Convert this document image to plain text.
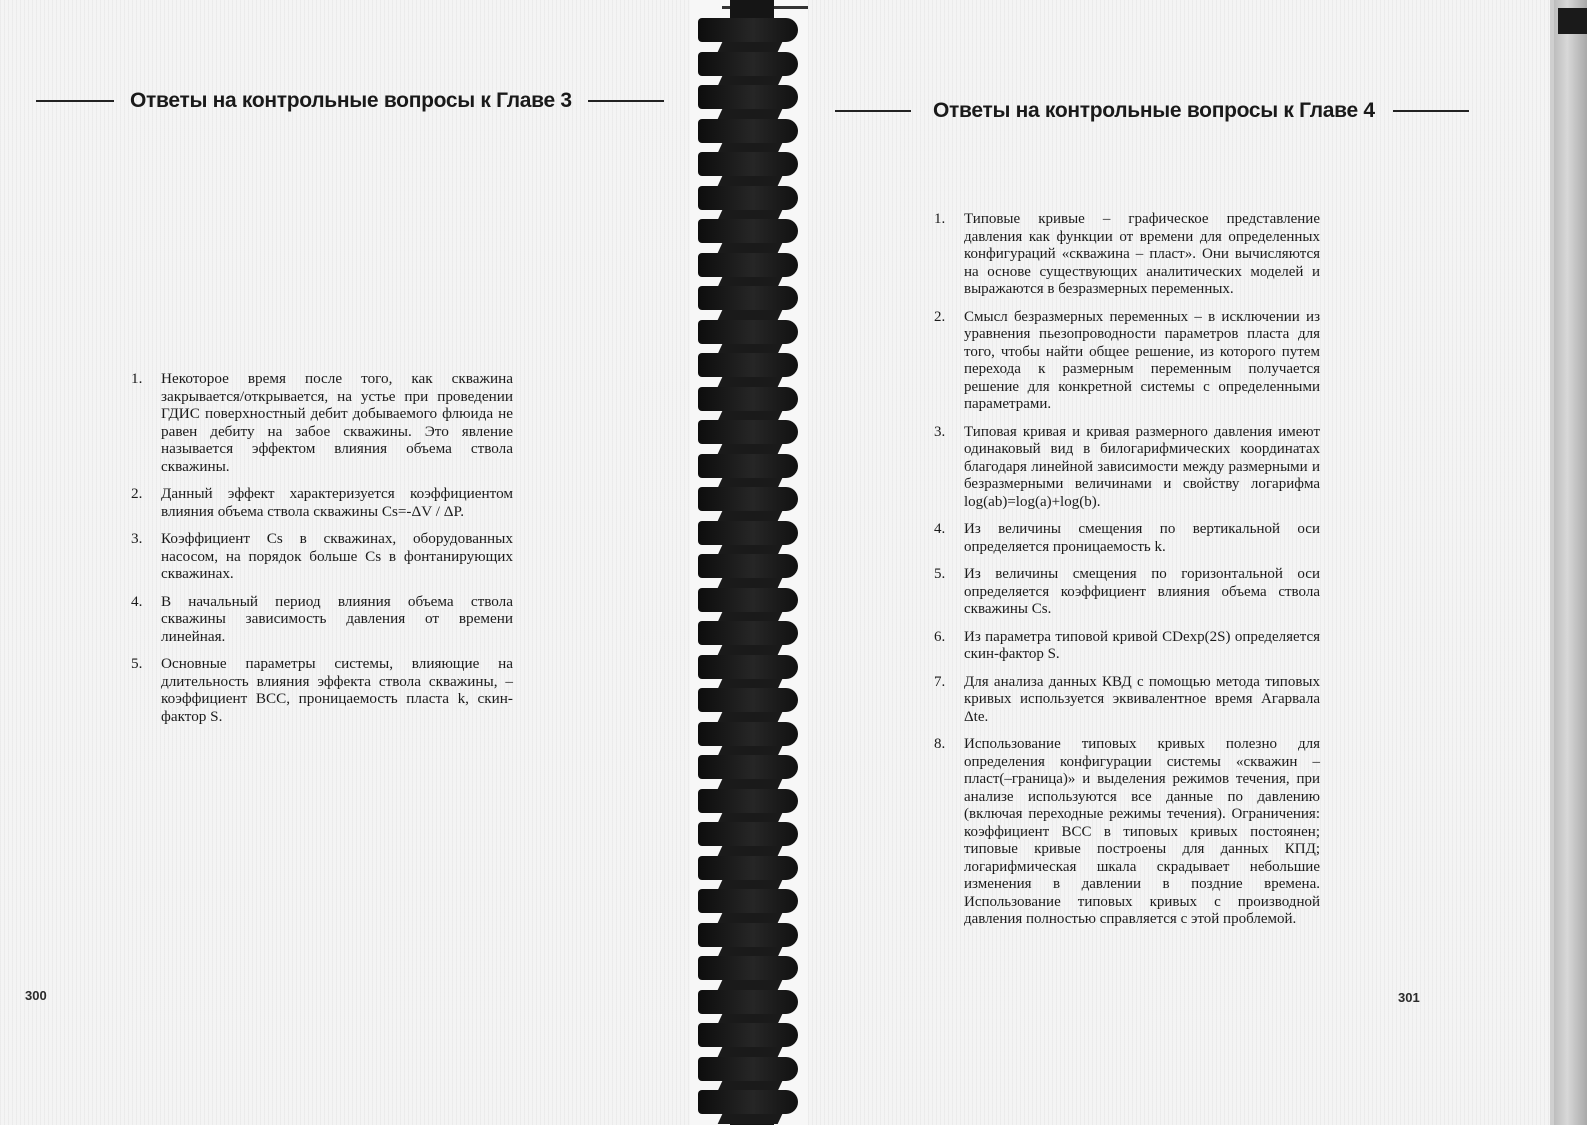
Ответы на контрольные вопросы к Главе 3
1. Некоторое время после того, как скважина закрывается/открывается, на устье при проведении ГДИС поверхностный дебит добываемого флюида не равен дебиту на забое скважины. Это явление называется эффектом влияния объема ствола скважины.
2. Данный эффект характеризуется коэффициентом влияния объема ствола скважины Cs=-ΔV / ΔP.
3. Коэффициент Cs в скважинах, оборудованных насосом, на порядок больше Cs в фонтанирующих скважинах.
4. В начальный период влияния объема ствола скважины зависимость давления от времени линейная.
5. Основные параметры системы, влияющие на длительность влияния эффекта ствола скважины, – коэффициент ВСС, проницаемость пласта k, скин-фактор S.
300
Ответы на контрольные вопросы к Главе 4
1. Типовые кривые – графическое представление давления как функции от времени для определенных конфигураций «скважина – пласт». Они вычисляются на основе существующих аналитических моделей и выражаются в безразмерных переменных.
2. Смысл безразмерных переменных – в исключении из уравнения пьезопроводности параметров пласта для того, чтобы найти общее решение, из которого путем перехода к размерным переменным получается решение для конкретной системы с определенными параметрами.
3. Типовая кривая и кривая размерного давления имеют одинаковый вид в билогарифмических координатах благодаря линейной зависимости между размерными и безразмерными величинами и свойству логарифма log(ab)=log(a)+log(b).
4. Из величины смещения по вертикальной оси определяется проницаемость k.
5. Из величины смещения по горизонтальной оси определяется коэффициент влияния объема ствола скважины Cs.
6. Из параметра типовой кривой CDexp(2S) определяется скин-фактор S.
7. Для анализа данных КВД с помощью метода типовых кривых используется эквивалентное время Агарвала Δte.
8. Использование типовых кривых полезно для определения конфигурации системы «скважин –пласт(–граница)» и выделения режимов течения, при анализе используются все данные по давлению (включая переходные режимы течения). Ограничения: коэффициент ВСС в типовых кривых постоянен; типовые кривые построены для данных КПД; логарифмическая шкала скрадывает небольшие изменения в давлении в поздние времена. Использование типовых кривых с производной давления полностью справляется с этой проблемой.
301
